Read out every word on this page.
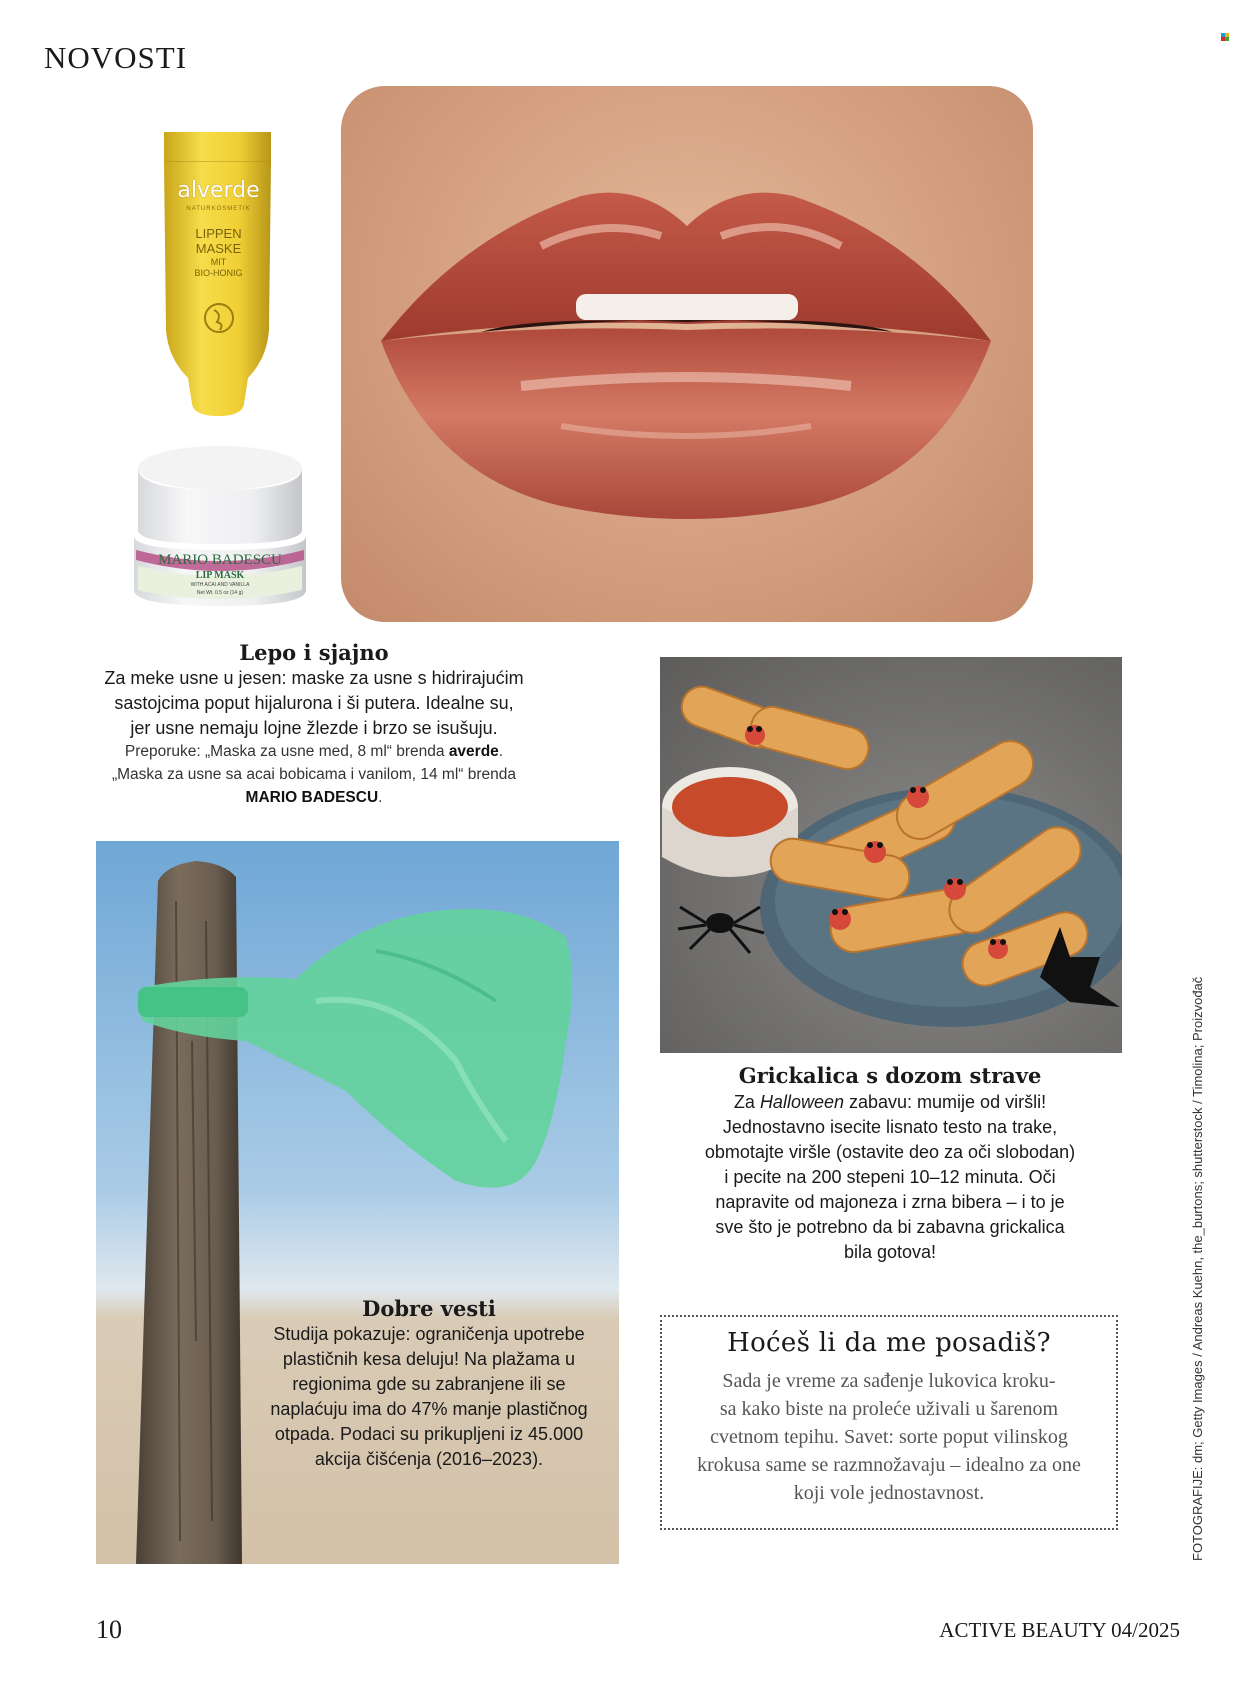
NOVOSTI
alverde
NATURKOSMETIK
LIPPEN
MASKE
MIT
BIO-HONIG
MARIO BADESCU
LIP MASK
WITH ACAI AND VANILLA
Net Wt. 0.5 oz (14 g)
Lepo i sjajno
Za meke usne u jesen: maske za usne s hidrirajućim
sastojcima poput hijalurona i ši putera. Idealne su,
jer usne nemaju lojne žlezde i brzo se isušuju.
Preporuke: „Maska za usne med, 8 ml“ brenda averde.
„Maska za usne sa acai bobicama i vanilom, 14 ml“ brenda
MARIO BADESCU.
Grickalica s dozom strave
Za Halloween zabavu: mumije od viršli!
Jednostavno isecite lisnato testo na trake,
obmotajte viršle (ostavite deo za oči slobodan)
i pecite na 200 stepeni 10–12 minuta. Oči
napravite od majoneza i zrna bibera – i to je
sve što je potrebno da bi zabavna grickalica
bila gotova!
Dobre vesti
Studija pokazuje: ograničenja upotrebe
plastičnih kesa deluju! Na plažama u
regionima gde su zabranjene ili se
naplaćuju ima do 47% manje plastičnog
otpada. Podaci su prikupljeni iz 45.000
akcija čišćenja (2016–2023).
Hoćeš li da me posadiš?
Sada je vreme za sađenje lukovica kroku-
sa kako biste na proleće uživali u šarenom
cvetnom tepihu. Savet: sorte poput vilinskog
krokusa same se razmnožavaju – idealno za one
koji vole jednostavnost.	FOTOGRAFIJE: dm; Getty Images / Andreas Kuehn, the_burtons; shutterstock / Timolina; Proizvođač
10	ACTIVE BEAUTY 04/2025
